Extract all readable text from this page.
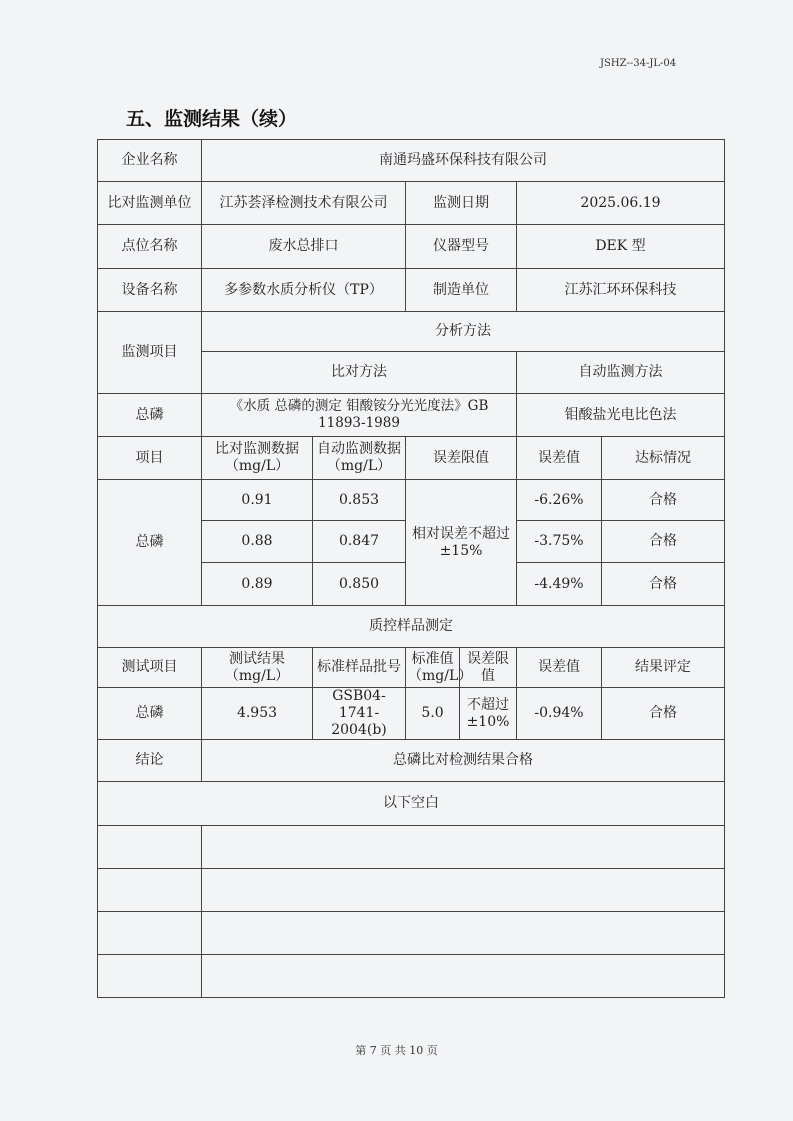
JSHZ--34-JL-04
五、监测结果（续）
企业名称	南通玛盛环保科技有限公司					
比对监测单位	江苏荟泽检测技术有限公司		监测日期		2025.06.19	
点位名称	废水总排口		仪器型号		DEK 型	
设备名称	多参数水质分析仪（TP）		制造单位		江苏汇环环保科技	
监测项目	分析方法					
	比对方法				自动监测方法	
总磷	《水质 总磷的测定 钼酸铵分光光度法》GB 11893-1989				钼酸盐光电比色法	
项目	比对监测数据（mg/L）	自动监测数据（mg/L）	误差限值		误差值	达标情况
总磷	0.91	0.853	相对误差不超过±15%		-6.26%	合格
	0.88	0.847			-3.75%	合格
	0.89	0.850			-4.49%	合格
质控样品测定						
测试项目	测试结果（mg/L）	标准样品批号	标准值（mg/L）	误差限值	误差值	结果评定
总磷	4.953	GSB04-1741-2004(b)	5.0	不超过±10%	-0.94%	合格
结论	总磷比对检测结果合格					
以下空白						

第 7 页 共 10 页
